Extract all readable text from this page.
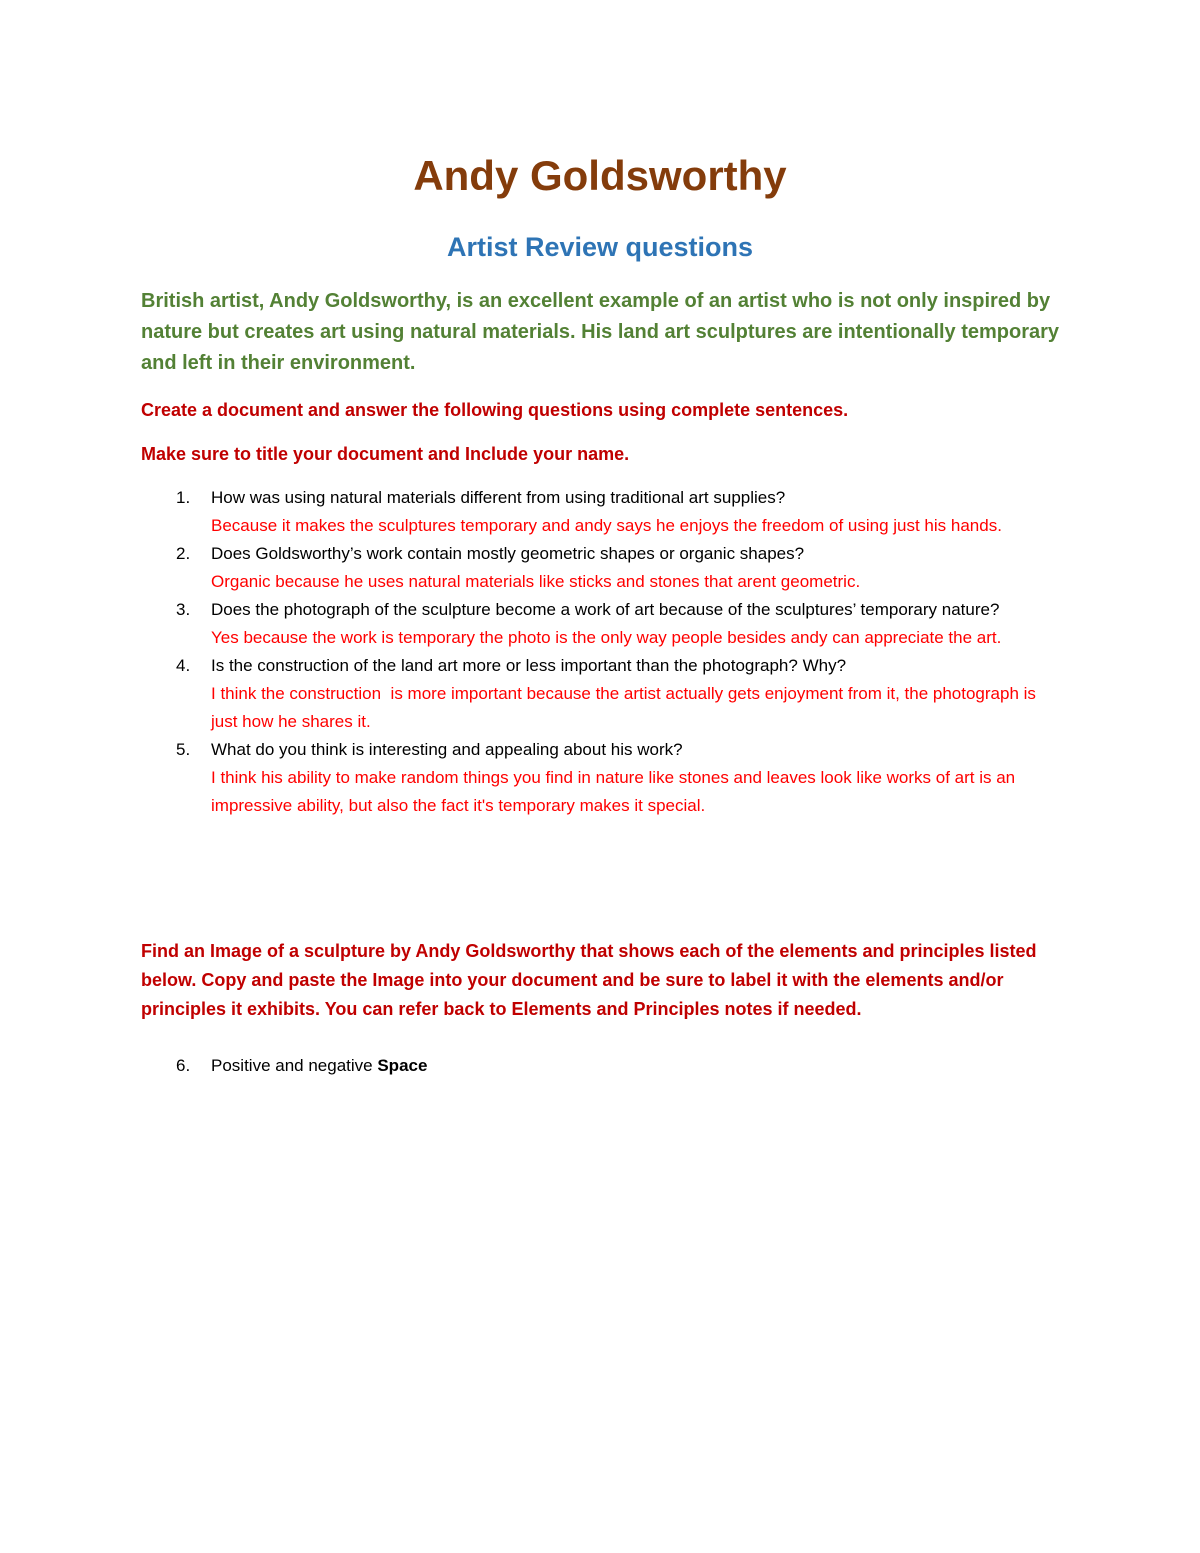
Andy Goldsworthy
Artist Review questions
British artist, Andy Goldsworthy, is an excellent example of an artist who is not only inspired by nature but creates art using natural materials. His land art sculptures are intentionally temporary and left in their environment.
Create a document and answer the following questions using complete sentences.
Make sure to title your document and Include your name.
1. How was using natural materials different from using traditional art supplies?
Because it makes the sculptures temporary and andy says he enjoys the freedom of using just his hands.
2. Does Goldsworthy’s work contain mostly geometric shapes or organic shapes?
Organic because he uses natural materials like sticks and stones that arent geometric.
3. Does the photograph of the sculpture become a work of art because of the sculptures’ temporary nature?
Yes because the work is temporary the photo is the only way people besides andy can appreciate the art.
4. Is the construction of the land art more or less important than the photograph? Why?
I think the construction  is more important because the artist actually gets enjoyment from it, the photograph is just how he shares it.
5. What do you think is interesting and appealing about his work?
I think his ability to make random things you find in nature like stones and leaves look like works of art is an impressive ability, but also the fact it's temporary makes it special.
Find an Image of a sculpture by Andy Goldsworthy that shows each of the elements and principles listed below. Copy and paste the Image into your document and be sure to label it with the elements and/or principles it exhibits. You can refer back to Elements and Principles notes if needed.
6. Positive and negative Space
